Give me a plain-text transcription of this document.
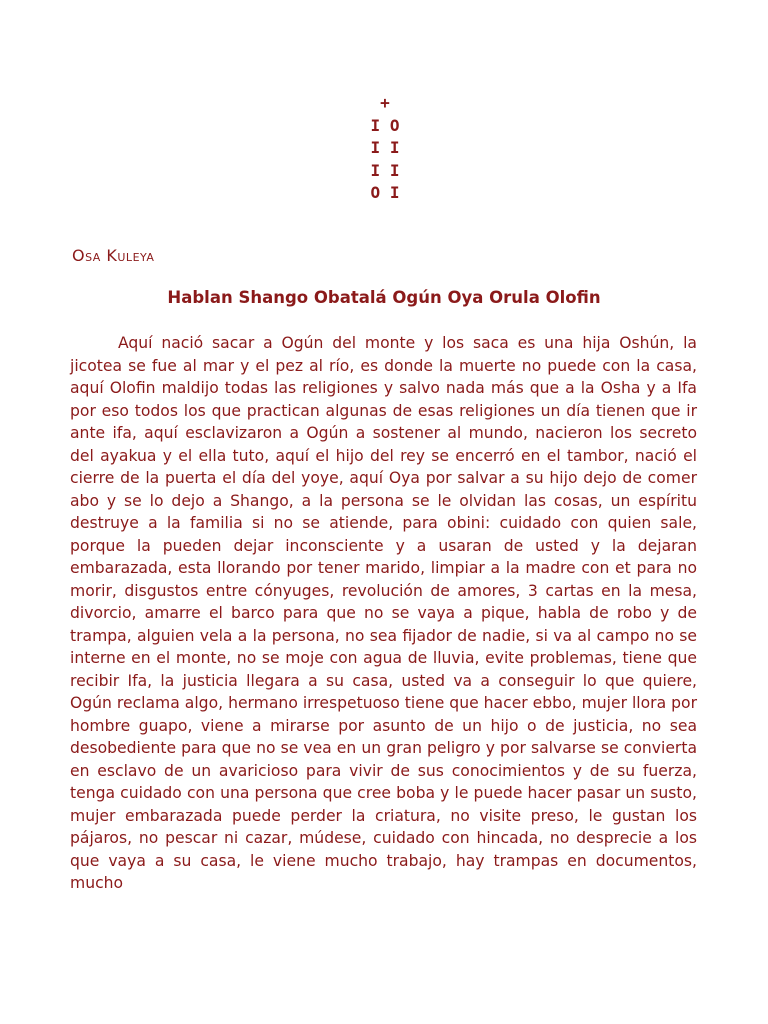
+
I O
I I
I I
O I
Osa Kuleya
Hablan Shango Obatalá Ogún Oya Orula Olofin

Aquí nació sacar a Ogún del monte y los saca es una hija Oshún, la jicotea se fue al mar y el pez al río, es donde la muerte no puede con la casa, aquí Olofin maldijo todas las religiones y salvo nada más que a la Osha y a Ifa por eso todos los que practican algunas de esas religiones un día tienen que ir ante ifa, aquí esclavizaron a Ogún a sostener al mundo, nacieron los secreto del ayakua y el ella tuto, aquí el hijo del rey se encerró en el tambor, nació el cierre de la puerta el día del yoye, aquí Oya por salvar a su hijo dejo de comer abo y se lo dejo a Shango, a la persona se le olvidan las cosas, un espíritu destruye a la familia si no se atiende, para obini: cuidado con quien sale, porque la pueden dejar inconsciente y a usaran de usted y la dejaran embarazada, esta llorando por tener marido, limpiar a la madre con et para no morir, disgustos entre cónyuges, revolución de amores, 3 cartas en la mesa, divorcio, amarre el barco para que no se vaya a pique, habla de robo y de trampa, alguien vela a la persona, no sea fijador de nadie, si va al campo no se interne en el monte, no se moje con agua de lluvia, evite problemas, tiene que recibir Ifa, la justicia llegara a su casa, usted va a conseguir lo que quiere, Ogún reclama algo, hermano irrespetuoso tiene que hacer ebbo, mujer llora por hombre guapo, viene a mirarse por asunto de un hijo o de justicia, no sea desobediente para que no se vea en un gran peligro y por salvarse se convierta en esclavo de un avaricioso para vivir de sus conocimientos y de su fuerza, tenga cuidado con una persona que cree boba y le puede hacer pasar un susto, mujer embarazada puede perder la criatura, no visite preso, le gustan los pájaros, no pescar ni cazar, múdese, cuidado con hincada, no desprecie a los que vaya a su casa, le viene mucho trabajo, hay trampas en documentos, mucho
